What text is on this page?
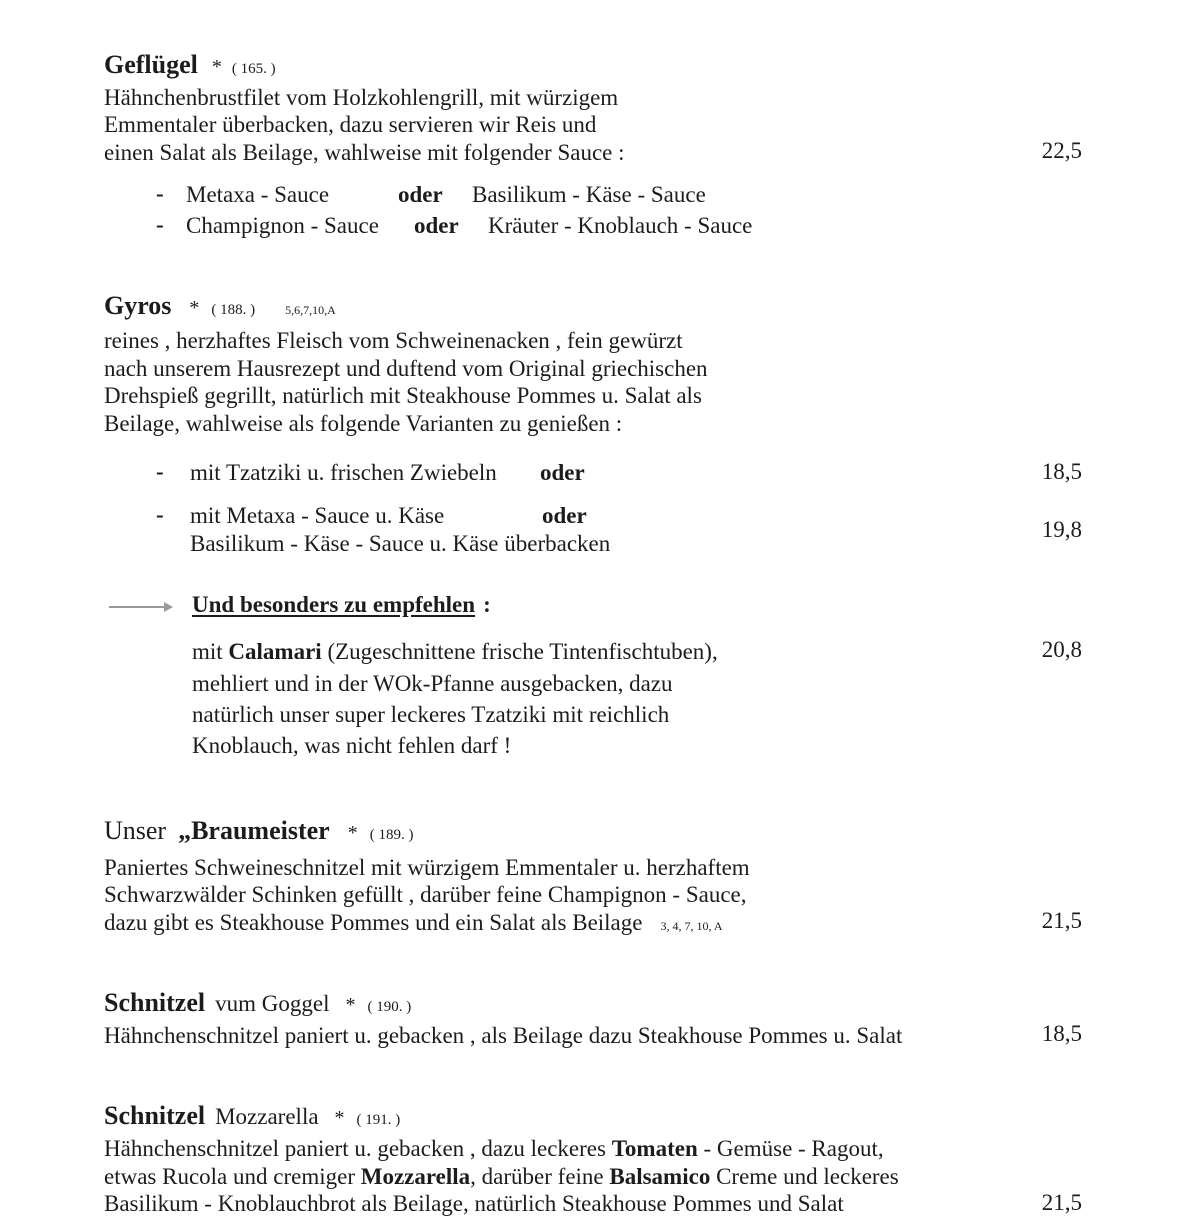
Geflügel * ( 165. )
Hähnchenbrustfilet vom Holzkohlengrill, mit würzigem
Emmentaler überbacken, dazu servieren wir Reis und
einen Salat als Beilage, wahlweise mit folgender Sauce :	22,5
- Metaxa - Sauce	oder Basilikum - Käse - Sauce
- Champignon - Sauce oder Kräuter - Knoblauch - Sauce
Gyros * ( 188. )	5,6,7,10,A
reines , herzhaftes Fleisch vom Schweinenacken , fein gewürzt
nach unserem Hausrezept und duftend vom Original griechischen
Drehspieß gegrillt, natürlich mit Steakhouse Pommes u. Salat als
Beilage, wahlweise als folgende Varianten zu genießen :
- mit Tzatziki u. frischen Zwiebeln oder	18,5
- mit Metaxa - Sauce u. Käse	oder
Basilikum - Käse - Sauce u. Käse überbacken
19,8
Und besonders zu empfehlen :
mit Calamari (Zugeschnittene frische Tintenfischtuben),
mehliert und in der WOk-Pfanne ausgebacken, dazu
natürlich unser super leckeres Tzatziki mit reichlich
Knoblauch, was nicht fehlen darf !
20,8
Unser „Braumeister * ( 189. )
Paniertes Schweineschnitzel mit würzigem Emmentaler u. herzhaftem
Schwarzwälder Schinken gefüllt , darüber feine Champignon - Sauce,
dazu gibt es Steakhouse Pommes und ein Salat als Beilage 3, 4, 7, 10, A	21,5
Schnitzel vum Goggel * ( 190. )
Hähnchenschnitzel paniert u. gebacken , als Beilage dazu Steakhouse Pommes u. Salat	18,5
Schnitzel Mozzarella * ( 191. )
Hähnchenschnitzel paniert u. gebacken , dazu leckeres Tomaten - Gemüse - Ragout,
etwas Rucola und cremiger Mozzarella, darüber feine Balsamico Creme und leckeres
Basilikum - Knoblauchbrot als Beilage, natürlich Steakhouse Pommes und Salat	21,5
